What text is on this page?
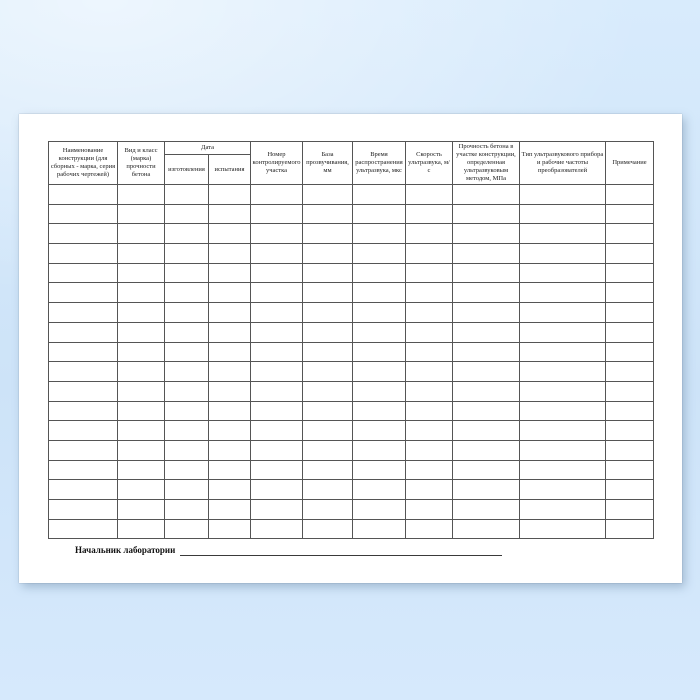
Наименование конструкции (для сборных - марка, серия рабочих чертежей)	Вид и класс (марка) прочности бетона	Дата		Номер контролируемого участка	База прозвучивания, мм	Время распространения ультразвука, мкс	Скорость ультразвука, м/с	Прочность бетона в участке конструкции, определенная ультразвуковым методом, МПа	Тип ультразвукового прибора и рабочие частоты преобразователей	Примечание
		изготовления	испытания							

Начальник лаборатории
